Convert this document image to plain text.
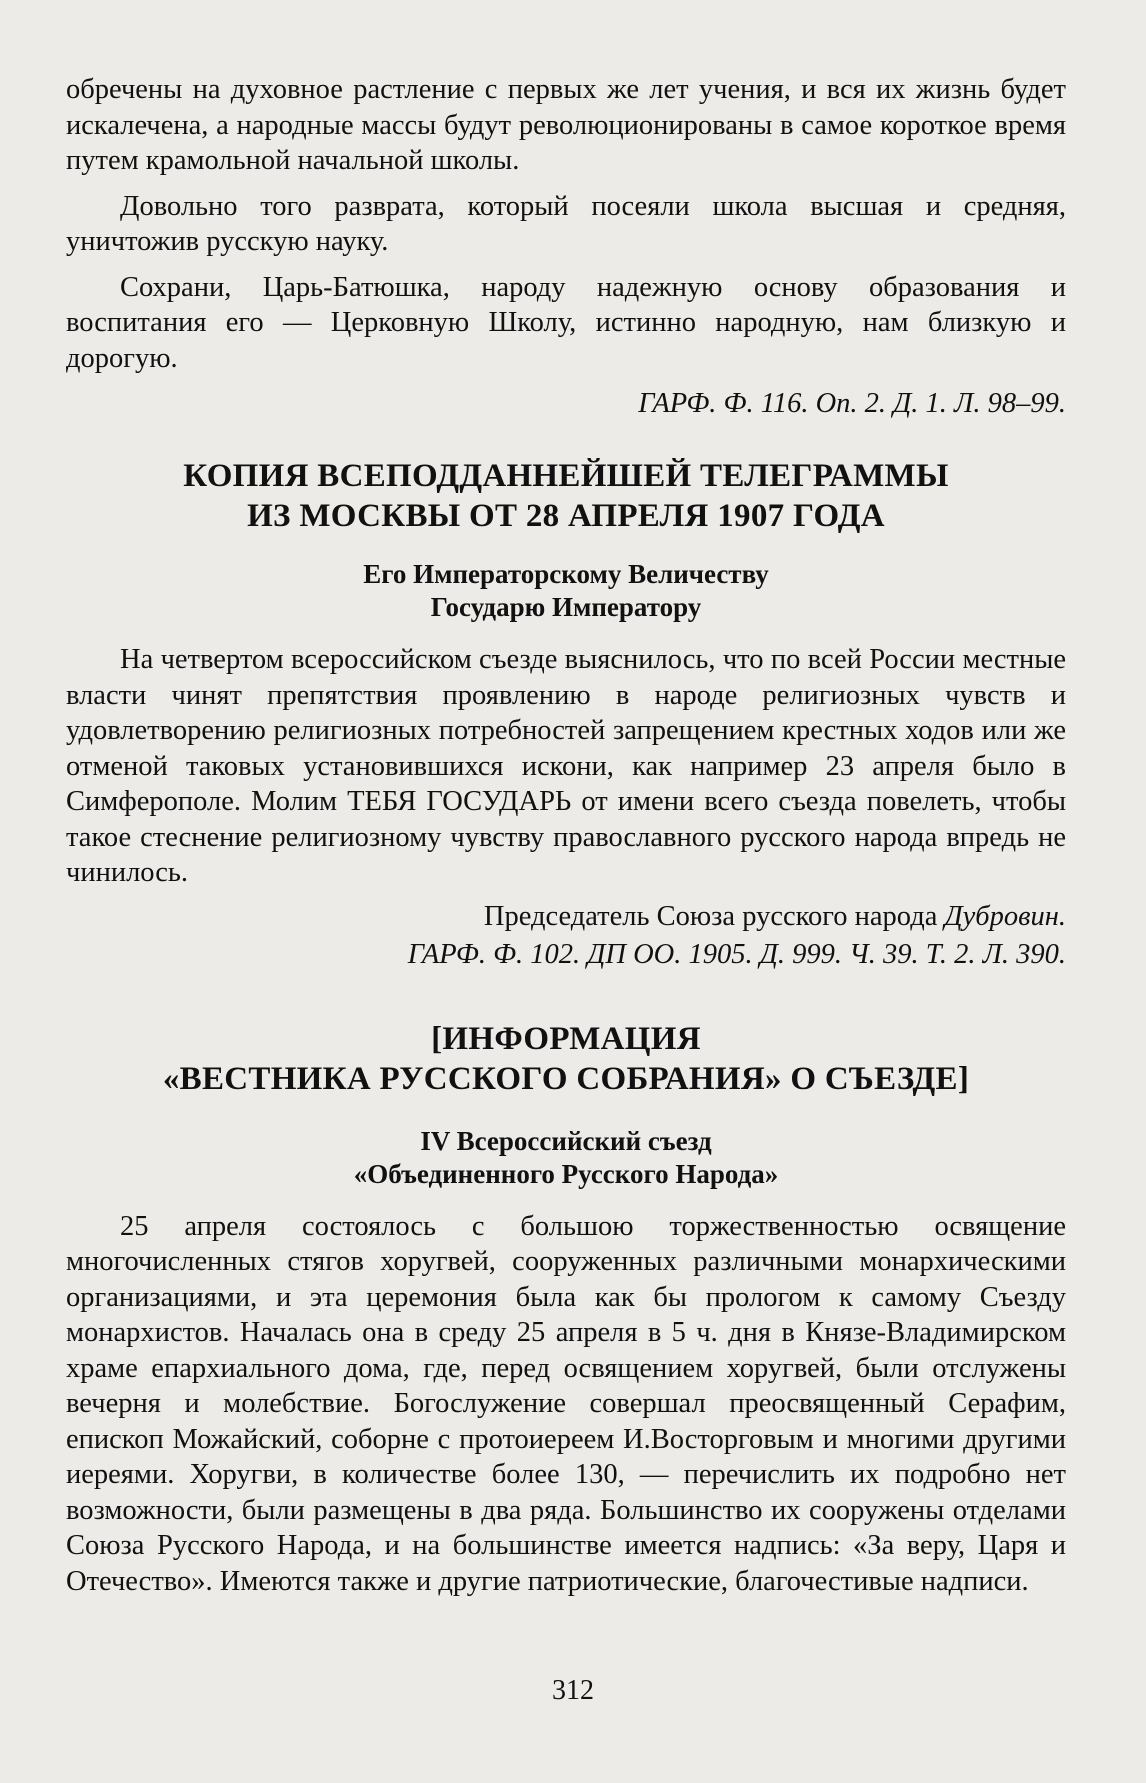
обречены на духовное растление с первых же лет учения, и вся их жизнь будет искалечена, а народные массы будут революционированы в самое короткое время путем крамольной начальной школы.

Довольно того разврата, который посеяли школа высшая и средняя, уничтожив русскую науку.

Сохрани, Царь-Батюшка, народу надежную основу образования и воспитания его — Церковную Школу, истинно народную, нам близкую и дорогую.

ГАРФ. Ф. 116. Оп. 2. Д. 1. Л. 98–99.

КОПИЯ ВСЕПОДДАННЕЙШЕЙ ТЕЛЕГРАММЫ

ИЗ МОСКВЫ ОТ 28 АПРЕЛЯ 1907 ГОДА

Его Императорскому Величеству

Государю Императору

На четвертом всероссийском съезде выяснилось, что по всей России местные власти чинят препятствия проявлению в народе религиозных чувств и удовлетворению религиозных потребностей запрещением крестных ходов или же отменой таковых установившихся искони, как например 23 апреля было в Симферополе. Молим ТЕБЯ ГОСУДАРЬ от имени всего съезда повелеть, чтобы такое стеснение религиозному чувству православного русского народа впредь не чинилось.

Председатель Союза русского народа Дубровин.

ГАРФ. Ф. 102. ДП ОО. 1905. Д. 999. Ч. 39. Т. 2. Л. 390.

[ИНФОРМАЦИЯ

«ВЕСТНИКА РУССКОГО СОБРАНИЯ» О СЪЕЗДЕ]

IV Всероссийский съезд

«Объединенного Русского Народа»

25 апреля состоялось с большою торжественностью освящение многочисленных стягов хоругвей, сооруженных различными монархическими организациями, и эта церемония была как бы прологом к самому Съезду монархистов. Началась она в среду 25 апреля в 5 ч. дня в Князе-Владимирском храме епархиального дома, где, перед освящением хоругвей, были отслужены вечерня и молебствие. Богослужение совершал преосвященный Серафим, епископ Можайский, соборне с протоиереем И.Восторговым и многими другими иереями. Хоругви, в количестве более 130, — перечислить их подробно нет возможности, были размещены в два ряда. Большинство их сооружены отделами Союза Русского Народа, и на большинстве имеется надпись: «За веру, Царя и Отечество». Имеются также и другие патриотические, благочестивые надписи.

312
